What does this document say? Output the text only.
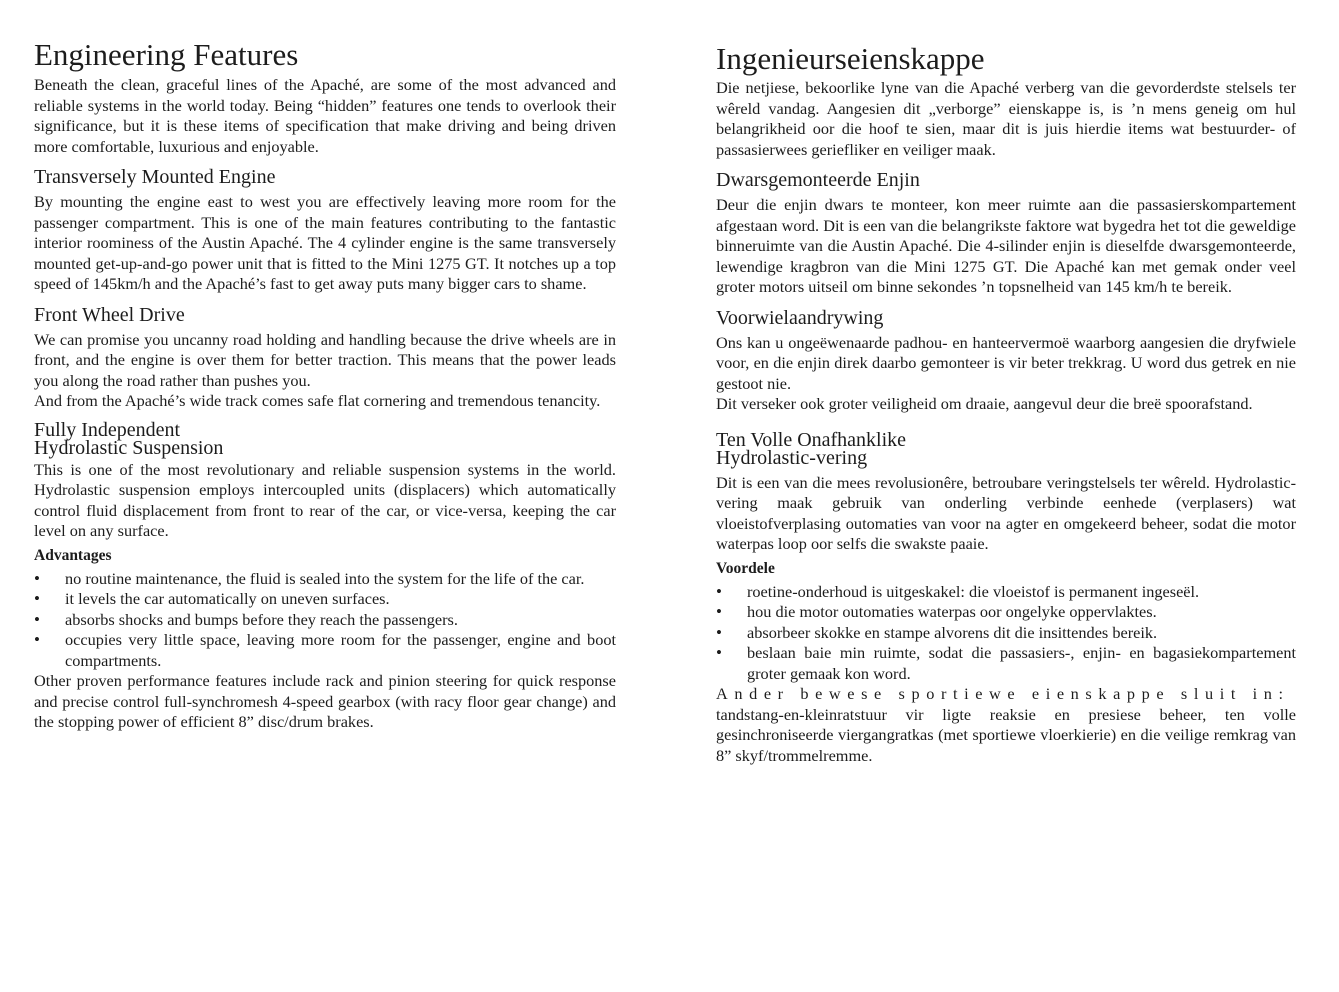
Engineering Features

Beneath the clean, graceful lines of the Apaché, are some of the most advanced and reliable systems in the world today. Being “hidden” features one tends to overlook their significance, but it is these items of specification that make driving and being driven more comfortable, luxurious and enjoyable.

Transversely Mounted Engine

By mounting the engine east to west you are effectively leaving more room for the passenger compartment. This is one of the main features contributing to the fantastic interior roominess of the Austin Apaché. The 4 cylinder engine is the same transversely mounted get-up-and-go power unit that is fitted to the Mini 1275 GT. It notches up a top speed of 145km/h and the Apaché’s fast to get away puts many bigger cars to shame.

Front Wheel Drive

We can promise you uncanny road holding and handling because the drive wheels are in front, and the engine is over them for better traction. This means that the power leads you along the road rather than pushes you.

And from the Apaché’s wide track comes safe flat cornering and tremendous tenancity.

Fully Independent
Hydrolastic Suspension

This is one of the most revolutionary and reliable suspension systems in the world. Hydrolastic suspension employs intercoupled units (displacers) which automatically control fluid displacement from front to rear of the car, or vice-versa, keeping the car level on any surface.

Advantages
• no routine maintenance, the fluid is sealed into the system for the life of the car.
• it levels the car automatically on uneven surfaces.
• absorbs shocks and bumps before they reach the passengers.
• occupies very little space, leaving more room for the passenger, engine and boot compartments.

Other proven performance features include rack and pinion steering for quick response and precise control full-synchromesh 4-speed gearbox (with racy floor gear change) and the stopping power of efficient 8” disc/drum brakes.

Ingenieurseienskappe

Die netjiese, bekoorlike lyne van die Apaché verberg van die gevorderdste stelsels ter wêreld vandag. Aangesien dit „verborge” eienskappe is, is ’n mens geneig om hul belangrikheid oor die hoof te sien, maar dit is juis hierdie items wat bestuurder- of passasierwees geriefliker en veiliger maak.

Dwarsgemonteerde Enjin

Deur die enjin dwars te monteer, kon meer ruimte aan die passasierskompartement afgestaan word. Dit is een van die belangrikste faktore wat bygedra het tot die geweldige binneruimte van die Austin Apaché. Die 4-silinder enjin is dieselfde dwarsgemonteerde, lewendige kragbron van die Mini 1275 GT. Die Apaché kan met gemak onder veel groter motors uitseil om binne sekondes ’n topsnelheid van 145 km/h te bereik.

Voorwielaandrywing

Ons kan u ongeëwenaarde padhou- en hanteervermoë waarborg aangesien die dryfwiele voor, en die enjin direk daarbo gemonteer is vir beter trekkrag. U word dus getrek en nie gestoot nie.

Dit verseker ook groter veiligheid om draaie, aangevul deur die breë spoorafstand.

Ten Volle Onafhanklike
Hydrolastic-vering

Dit is een van die mees revolusionêre, betroubare veringstelsels ter wêreld. Hydrolastic-vering maak gebruik van onderling verbinde eenhede (verplasers) wat vloeistofverplasing outomaties van voor na agter en omgekeerd beheer, sodat die motor waterpas loop oor selfs die swakste paaie.

Voordele
• roetine-onderhoud is uitgeskakel: die vloeistof is permanent ingeseël.
• hou die motor outomaties waterpas oor ongelyke oppervlaktes.
• absorbeer skokke en stampe alvorens dit die insittendes bereik.
• beslaan baie min ruimte, sodat die passasiers-, enjin- en bagasiekompartement groter gemaak kon word.

Ander bewese sportiewe eienskappe sluit in:

tandstang-en-kleinratstuur vir ligte reaksie en presiese beheer, ten volle gesinchroniseerde viergangratkas (met sportiewe vloerkierie) en die veilige remkrag van 8” skyf/trommelremme.
